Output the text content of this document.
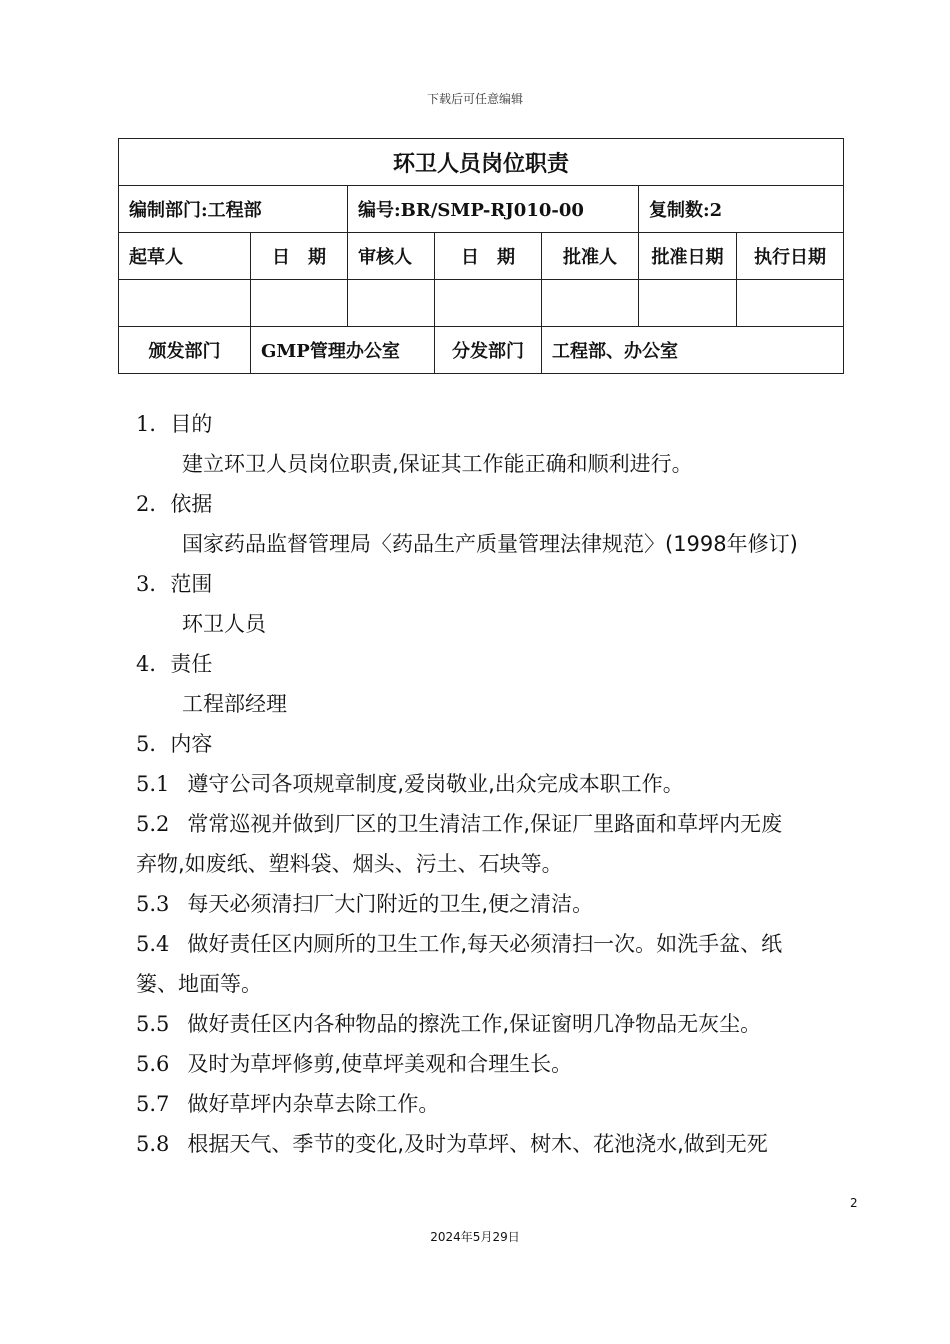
下载后可任意编辑
环卫人员岗位职责						
编制部门:工程部		编号:BR/SMP-RJ010-00			复制数:2	
起草人	日　期	审核人	日　期	批准人	批准日期	执行日期

颁发部门	GMP管理办公室		分发部门	工程部、办公室		
1．目的
建立环卫人员岗位职责,保证其工作能正确和顺利进行。
2．依据
国家药品监督管理局〈药品生产质量管理法律规范〉(1998年修订)
3．范围
环卫人员
4．责任
工程部经理
5．内容
5.1 遵守公司各项规章制度,爱岗敬业,出众完成本职工作。
5.2 常常巡视并做到厂区的卫生清洁工作,保证厂里路面和草坪内无废
弃物,如废纸、塑料袋、烟头、污土、石块等。
5.3 每天必须清扫厂大门附近的卫生,便之清洁。
5.4 做好责任区内厕所的卫生工作,每天必须清扫一次。如洗手盆、纸
篓、地面等。
5.5 做好责任区内各种物品的擦洗工作,保证窗明几净物品无灰尘。
5.6 及时为草坪修剪,使草坪美观和合理生长。
5.7 做好草坪内杂草去除工作。
5.8 根据天气、季节的变化,及时为草坪、树木、花池浇水,做到无死
2
2024年5月29日
